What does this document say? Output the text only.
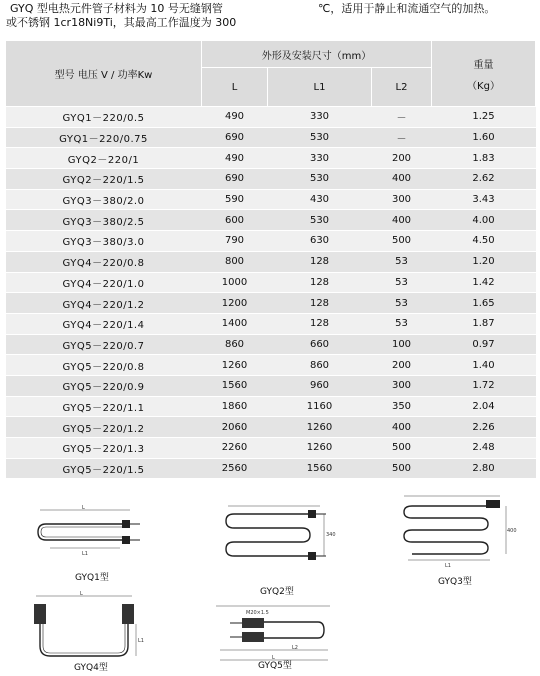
GYQ 型电热元件管子材料为 10 号无缝钢管	℃，适用于静止和流通空气的加热。
或不锈钢 1cr18Ni9Ti，其最高工作温度为 300
型号 电压 V / 功率Kw	外形及安装尺寸（mm）			重量
（Kg）

	L	L1	L2	
GYQ1－220/0.5	490	330	－	1.25
GYQ1－220/0.75	690	530	－	1.60
GYQ2－220/1	490	330	200	1.83
GYQ2－220/1.5	690	530	400	2.62
GYQ3－380/2.0	590	430	300	3.43
GYQ3－380/2.5	600	530	400	4.00
GYQ3－380/3.0	790	630	500	4.50
GYQ4－220/0.8	800	128	53	1.20
GYQ4－220/1.0	1000	128	53	1.42
GYQ4－220/1.2	1200	128	53	1.65
GYQ4－220/1.4	1400	128	53	1.87
GYQ5－220/0.7	860	660	100	0.97
GYQ5－220/0.8	1260	860	200	1.40
GYQ5－220/0.9	1560	960	300	1.72
GYQ5－220/1.1	1860	1160	350	2.04
GYQ5－220/1.2	2060	1260	400	2.26
GYQ5－220/1.3	2260	1260	500	2.48
GYQ5－220/1.5	2560	1560	500	2.80
L
L1
GYQ1型
340
GYQ2型
400
L1
GYQ3型
L
L1
GYQ4型
M20×1.5
L2
L
GYQ5型
